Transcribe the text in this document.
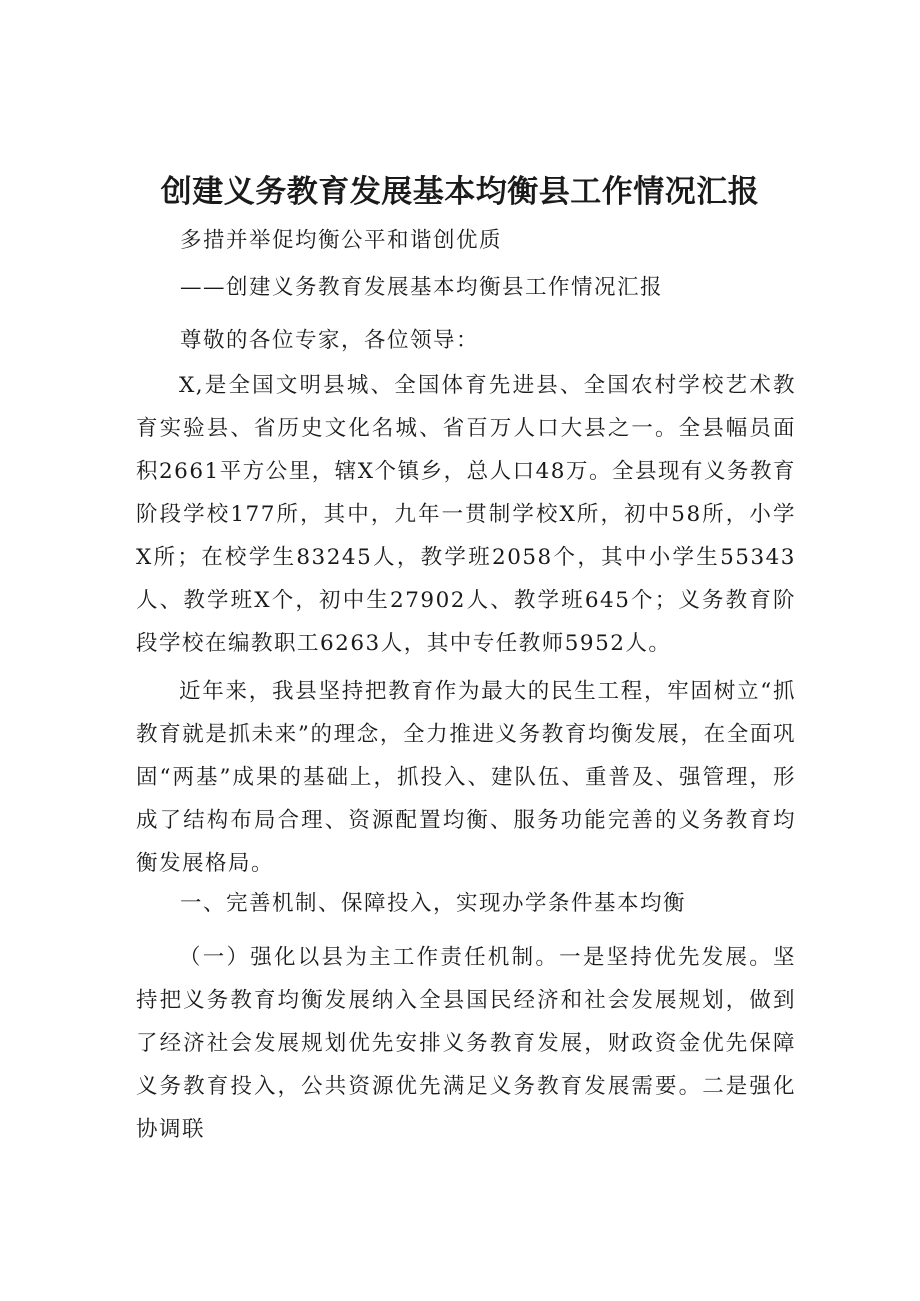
创建义务教育发展基本均衡县工作情况汇报

多措并举促均衡公平和谐创优质

——创建义务教育发展基本均衡县工作情况汇报

尊敬的各位专家，各位领导：

X,是全国文明县城、全国体育先进县、全国农村学校艺术教育实验县、省历史文化名城、省百万人口大县之一。全县幅员面积2661平方公里，辖X个镇乡，总人口48万。全县现有义务教育阶段学校177所，其中，九年一贯制学校X所，初中58所，小学X所；在校学生83245人，教学班2058个，其中小学生55343人、教学班X个，初中生27902人、教学班645个；义务教育阶段学校在编教职工6263人，其中专任教师5952人。

近年来，我县坚持把教育作为最大的民生工程，牢固树立“抓教育就是抓未来”的理念，全力推进义务教育均衡发展，在全面巩固“两基”成果的基础上，抓投入、建队伍、重普及、强管理，形成了结构布局合理、资源配置均衡、服务功能完善的义务教育均衡发展格局。

一、完善机制、保障投入，实现办学条件基本均衡

（一）强化以县为主工作责任机制。一是坚持优先发展。坚持把义务教育均衡发展纳入全县国民经济和社会发展规划，做到了经济社会发展规划优先安排义务教育发展，财政资金优先保障义务教育投入，公共资源优先满足义务教育发展需要。二是强化协调联
